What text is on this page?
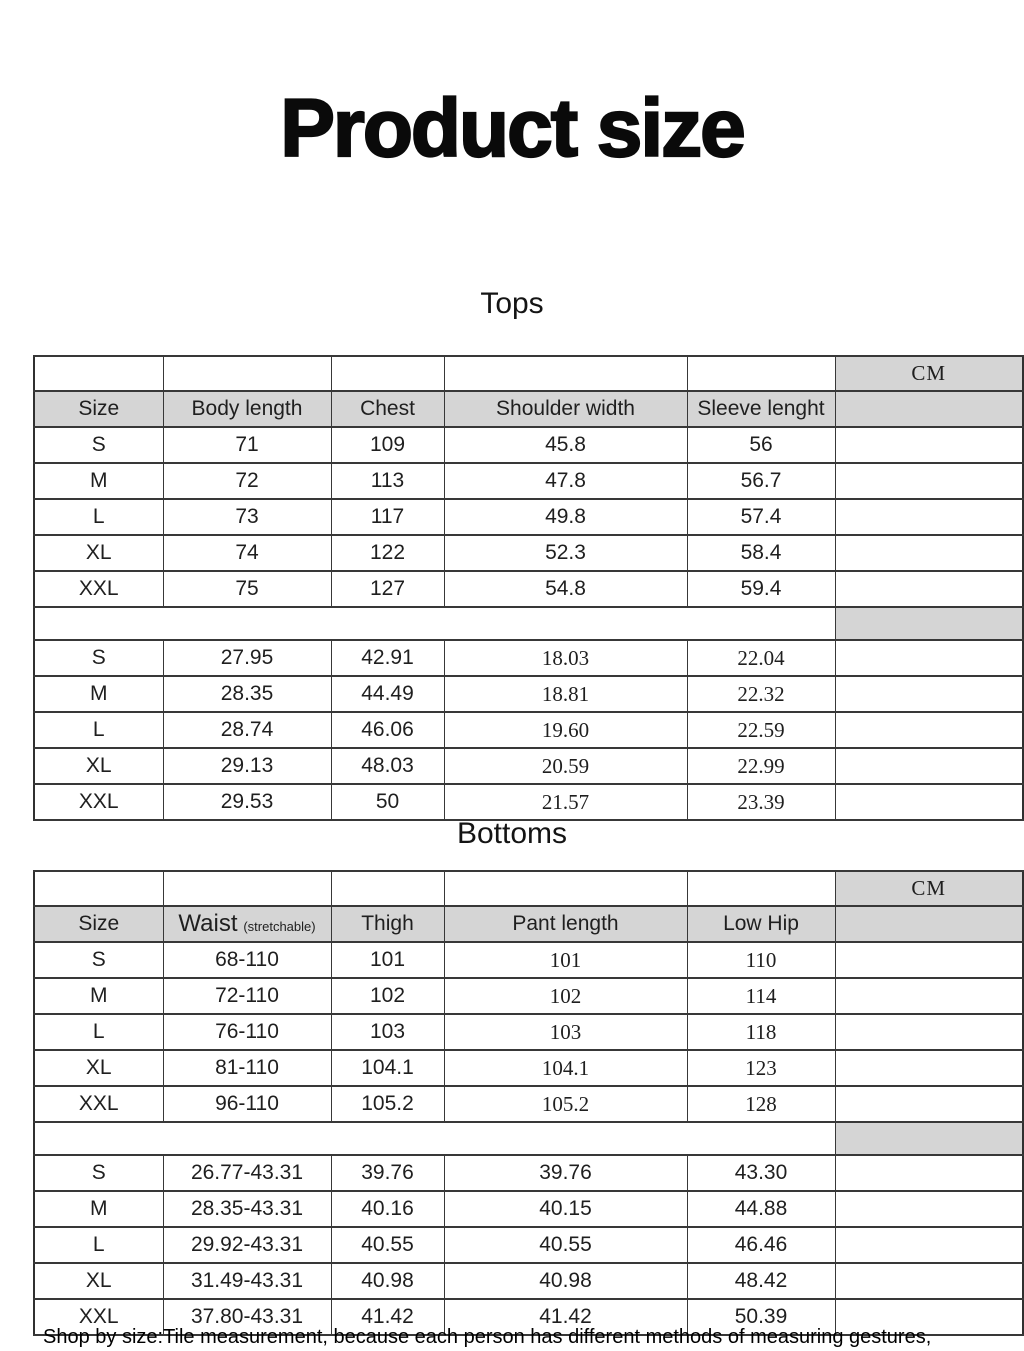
Product size
Tops
					CM
Size	Body length	Chest	Shoulder width	Sleeve lenght	
S	71	109	45.8	56	
M	72	113	47.8	56.7	
L	73	117	49.8	57.4	
XL	74	122	52.3	58.4	
XXL	75	127	54.8	59.4	

S	27.95	42.91	18.03	22.04	
M	28.35	44.49	18.81	22.32	
L	28.74	46.06	19.60	22.59	
XL	29.13	48.03	20.59	22.99	
XXL	29.53	50	21.57	23.39	
Bottoms
					CM
Size	Waist (stretchable)	Thigh	Pant length	Low Hip	
S	68-110	101	101	110	
M	72-110	102	102	114	
L	76-110	103	103	118	
XL	81-110	104.1	104.1	123	
XXL	96-110	105.2	105.2	128	

S	26.77-43.31	39.76	39.76	43.30	
M	28.35-43.31	40.16	40.15	44.88	
L	29.92-43.31	40.55	40.55	46.46	
XL	31.49-43.31	40.98	40.98	48.42	
XXL	37.80-43.31	41.42	41.42	50.39	
Shop by size:Tile measurement, because each person has different methods of measuring gestures,
